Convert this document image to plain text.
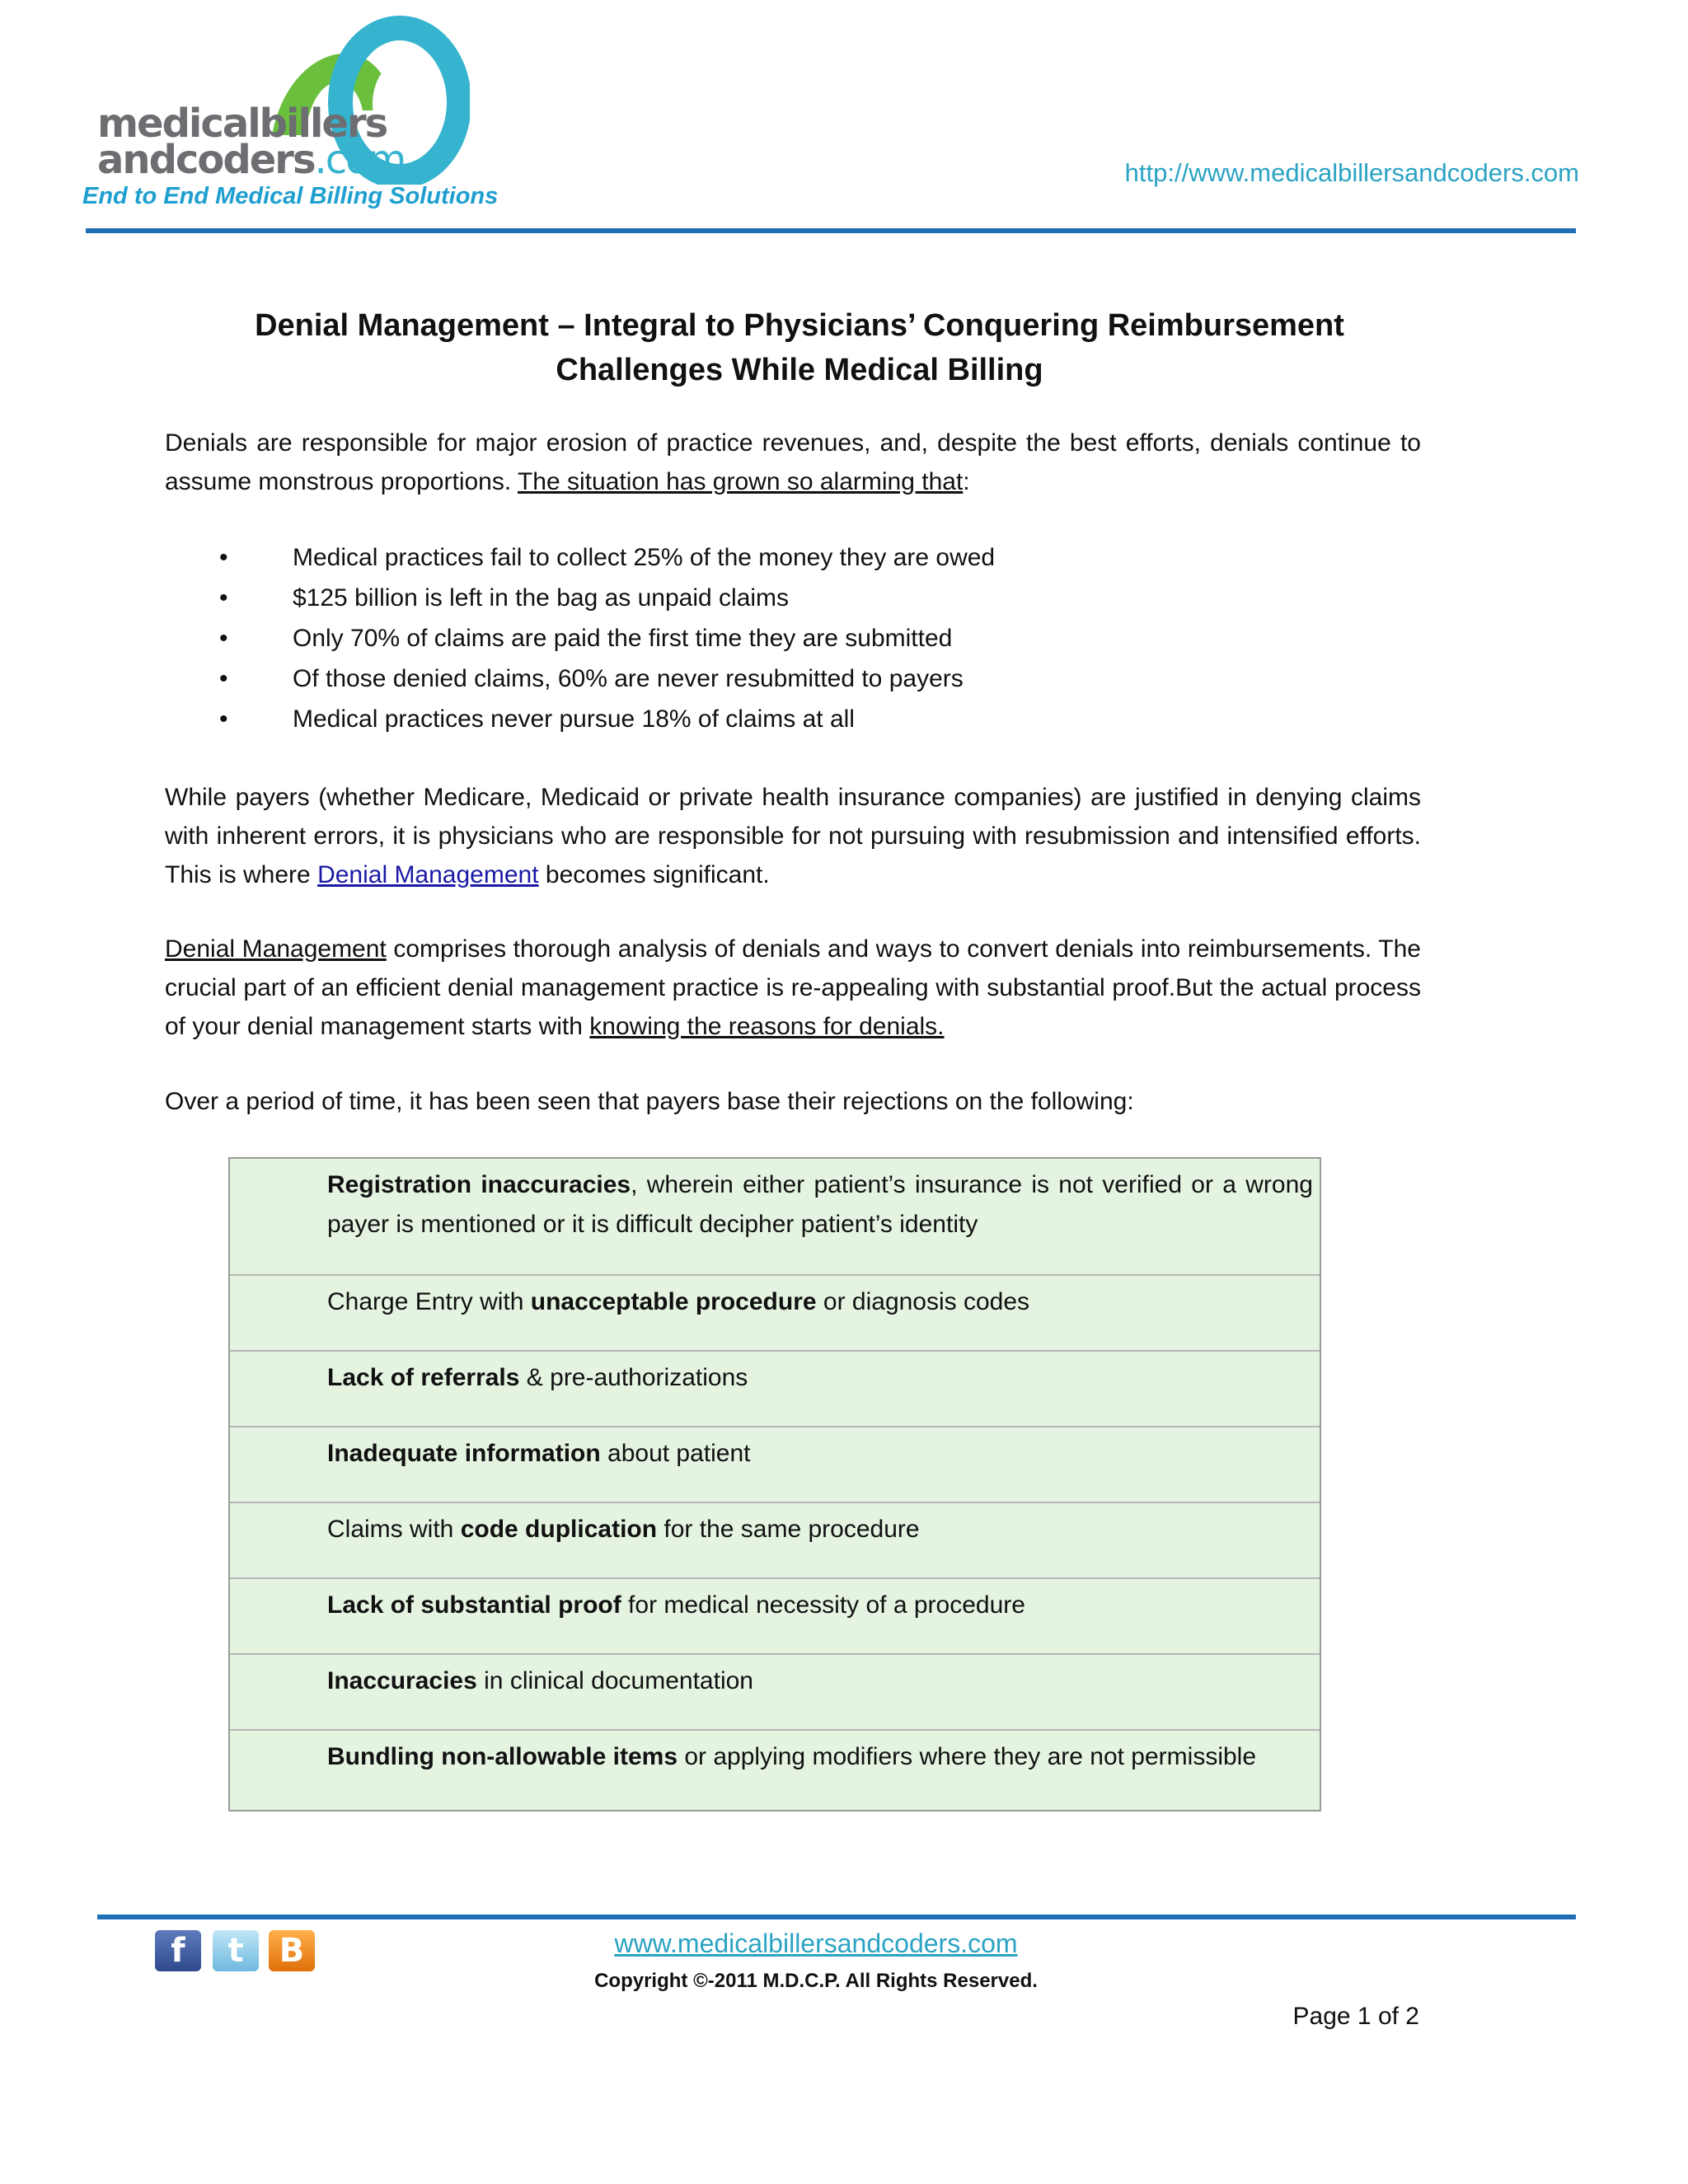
medicalbillers
andcoders.com
End to End Medical Billing Solutions
http://www.medicalbillersandcoders.com
Denial Management – Integral to Physicians’ Conquering Reimbursement
Challenges While Medical Billing
Denials are responsible for major erosion of practice revenues, and, despite the best efforts, denials continue to assume monstrous proportions. The situation has grown so alarming that:
•	Medical practices fail to collect 25% of the money they are owed
•	$125 billion is left in the bag as unpaid claims
•	Only 70% of claims are paid the first time they are submitted
•	Of those denied claims, 60% are never resubmitted to payers
•	Medical practices never pursue 18% of claims at all
While payers (whether Medicare, Medicaid or private health insurance companies) are justified in denying claims with inherent errors, it is physicians who are responsible for not pursuing with resubmission and intensified efforts. This is where Denial Management becomes significant.
Denial Management comprises thorough analysis of denials and ways to convert denials into reimbursements. The crucial part of an efficient denial management practice is re-appealing with substantial proof.But the actual process of your denial management starts with knowing the reasons for denials.
Over a period of time, it has been seen that payers base their rejections on the following:
Registration inaccuracies, wherein either patient’s insurance is not verified or a wrong payer is mentioned or it is difficult decipher patient’s identity
Charge Entry with unacceptable procedure or diagnosis codes
Lack of referrals & pre-authorizations
Inadequate information about patient
Claims with code duplication for the same procedure
Lack of substantial proof for medical necessity of a procedure
Inaccuracies in clinical documentation
Bundling non-allowable items or applying modifiers where they are not permissible
f	t	B	www.medicalbillersandcoders.com
Copyright ©-2011 M.D.C.P. All Rights Reserved.
Page 1 of 2
